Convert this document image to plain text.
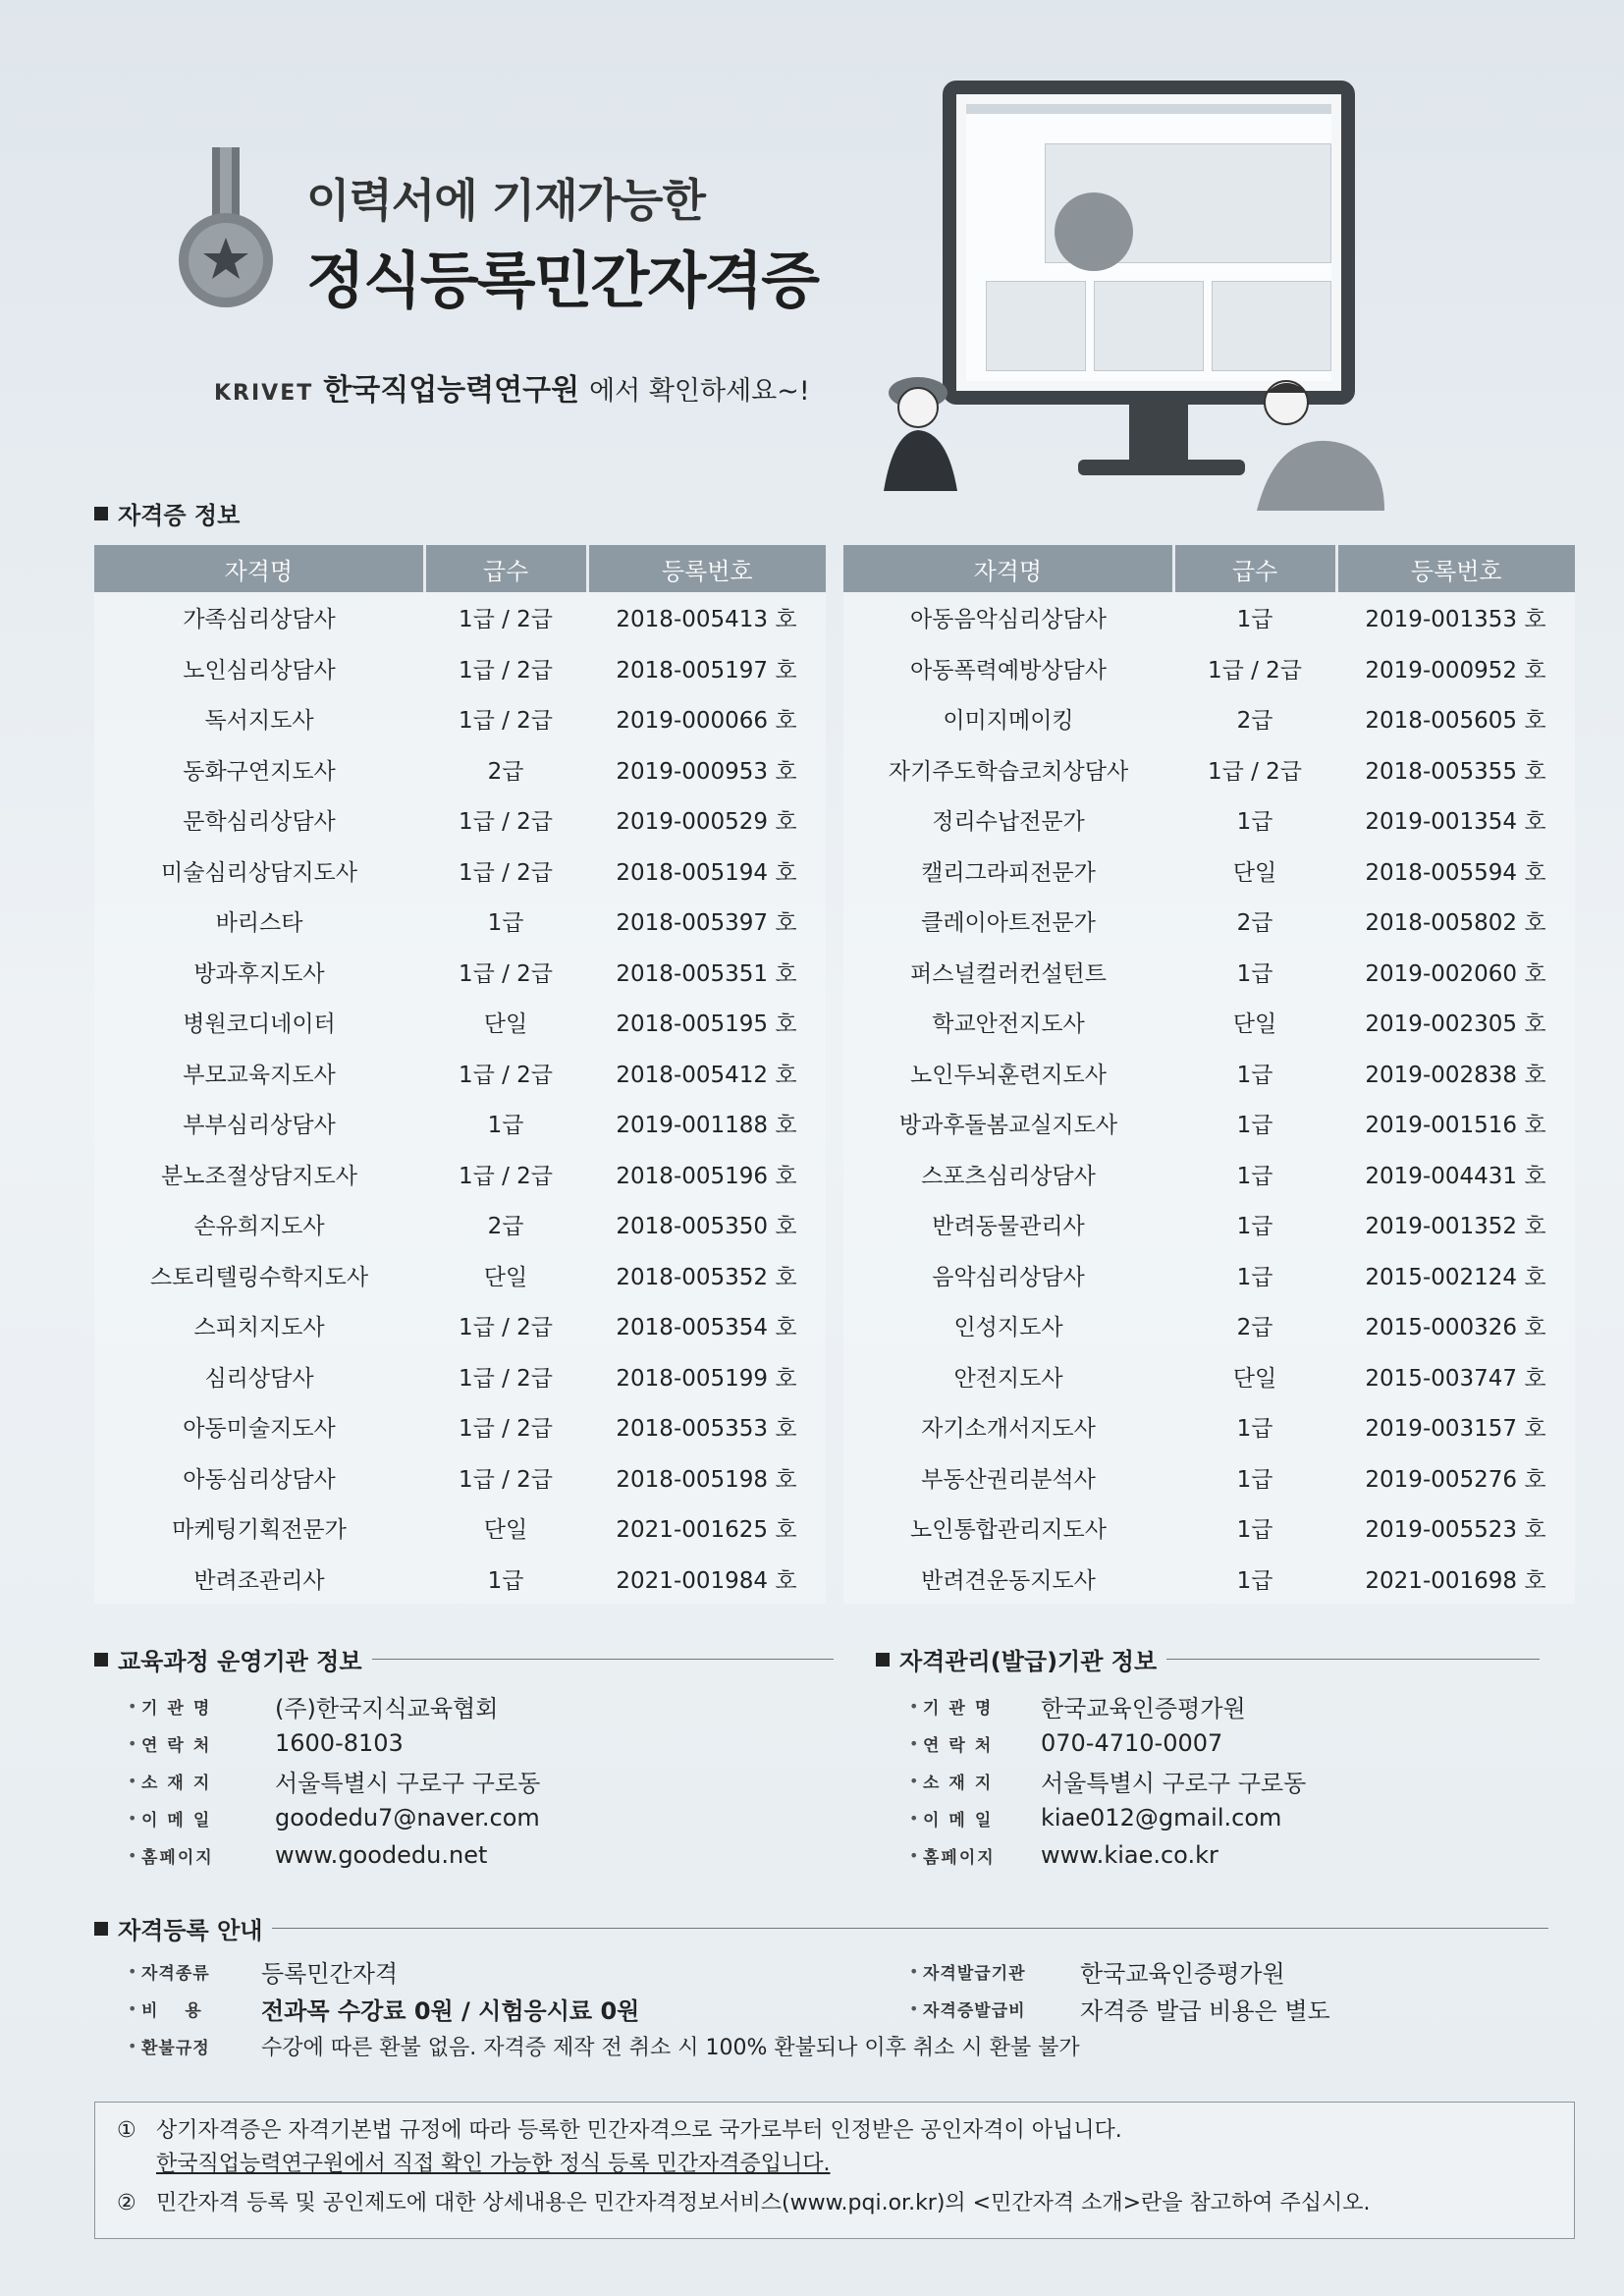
이력서에 기재가능한
정식등록민간자격증
KRIVET 한국직업능력연구원 에서 확인하세요~!
자격증 정보
자격명	급수	등록번호
가족심리상담사	1급 / 2급	2018-005413 호
노인심리상담사	1급 / 2급	2018-005197 호
독서지도사	1급 / 2급	2019-000066 호
동화구연지도사	2급	2019-000953 호
문학심리상담사	1급 / 2급	2019-000529 호
미술심리상담지도사	1급 / 2급	2018-005194 호
바리스타	1급	2018-005397 호
방과후지도사	1급 / 2급	2018-005351 호
병원코디네이터	단일	2018-005195 호
부모교육지도사	1급 / 2급	2018-005412 호
부부심리상담사	1급	2019-001188 호
분노조절상담지도사	1급 / 2급	2018-005196 호
손유희지도사	2급	2018-005350 호
스토리텔링수학지도사	단일	2018-005352 호
스피치지도사	1급 / 2급	2018-005354 호
심리상담사	1급 / 2급	2018-005199 호
아동미술지도사	1급 / 2급	2018-005353 호
아동심리상담사	1급 / 2급	2018-005198 호
마케팅기획전문가	단일	2021-001625 호
반려조관리사	1급	2021-001984 호
자격명	급수	등록번호
아동음악심리상담사	1급	2019-001353 호
아동폭력예방상담사	1급 / 2급	2019-000952 호
이미지메이킹	2급	2018-005605 호
자기주도학습코치상담사	1급 / 2급	2018-005355 호
정리수납전문가	1급	2019-001354 호
캘리그라피전문가	단일	2018-005594 호
클레이아트전문가	2급	2018-005802 호
퍼스널컬러컨설턴트	1급	2019-002060 호
학교안전지도사	단일	2019-002305 호
노인두뇌훈련지도사	1급	2019-002838 호
방과후돌봄교실지도사	1급	2019-001516 호
스포츠심리상담사	1급	2019-004431 호
반려동물관리사	1급	2019-001352 호
음악심리상담사	1급	2015-002124 호
인성지도사	2급	2015-000326 호
안전지도사	단일	2015-003747 호
자기소개서지도사	1급	2019-003157 호
부동산권리분석사	1급	2019-005276 호
노인통합관리지도사	1급	2019-005523 호
반려견운동지도사	1급	2021-001698 호
교육과정 운영기관 정보
• 기관명	(주)한국지식교육협회
• 연락처	1600-8103
• 소재지	서울특별시 구로구 구로동
• 이메일	goodedu7@naver.com
• 홈페이지	www.goodedu.net
자격관리(발급)기관 정보
• 기관명	한국교육인증평가원
• 연락처	070-4710-0007
• 소재지	서울특별시 구로구 구로동
• 이메일	kiae012@gmail.com
• 홈페이지	www.kiae.co.kr
자격등록 안내
• 자격종류	등록민간자격
• 비용	전과목 수강료 0원 / 시험응시료 0원
• 환불규정	수강에 따른 환불 없음. 자격증 제작 전 취소 시 100% 환불되나 이후 취소 시 환불 불가
• 자격발급기관	한국교육인증평가원
• 자격증발급비	자격증 발급 비용은 별도
① 상기자격증은 자격기본법 규정에 따라 등록한 민간자격으로 국가로부터 인정받은 공인자격이 아닙니다.
한국직업능력연구원에서 직접 확인 가능한 정식 등록 민간자격증입니다.
② 민간자격 등록 및 공인제도에 대한 상세내용은 민간자격정보서비스(www.pqi.or.kr)의 <민간자격 소개>란을 참고하여 주십시오.
